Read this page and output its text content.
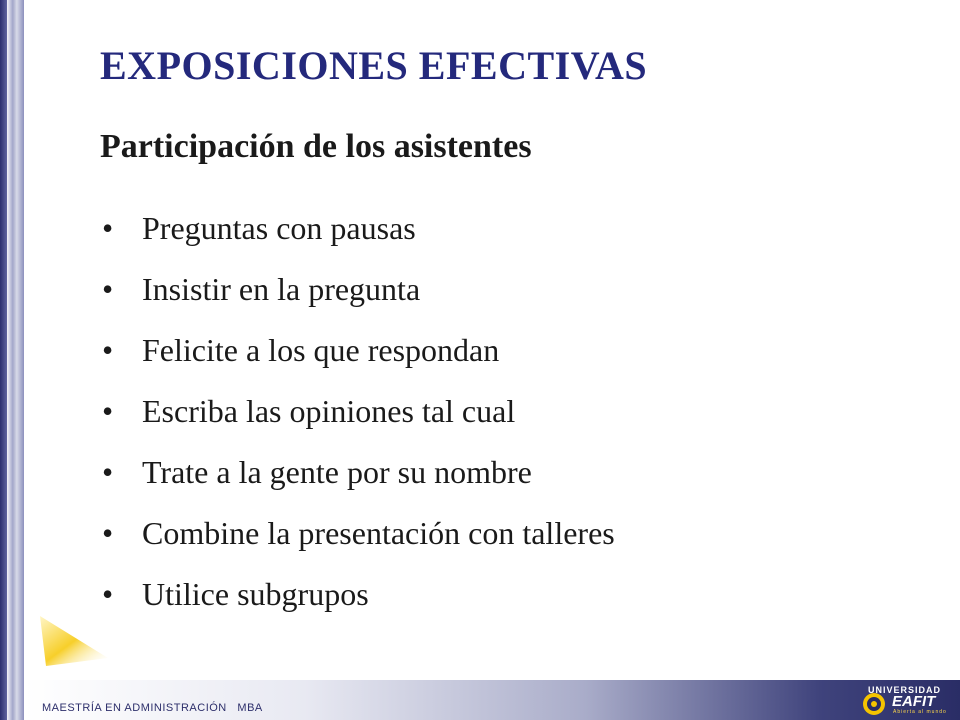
MAESTRÍA EN ADMINISTRACIÓN   MBA
UNIVERSIDAD
EAFIT
Abierta al mundo
EXPOSICIONES EFECTIVAS
Participación de los asistentes
• Preguntas con pausas
• Insistir en la pregunta
• Felicite a los que respondan
• Escriba las opiniones tal cual
• Trate a la gente por su nombre
• Combine la presentación con talleres
• Utilice subgrupos
